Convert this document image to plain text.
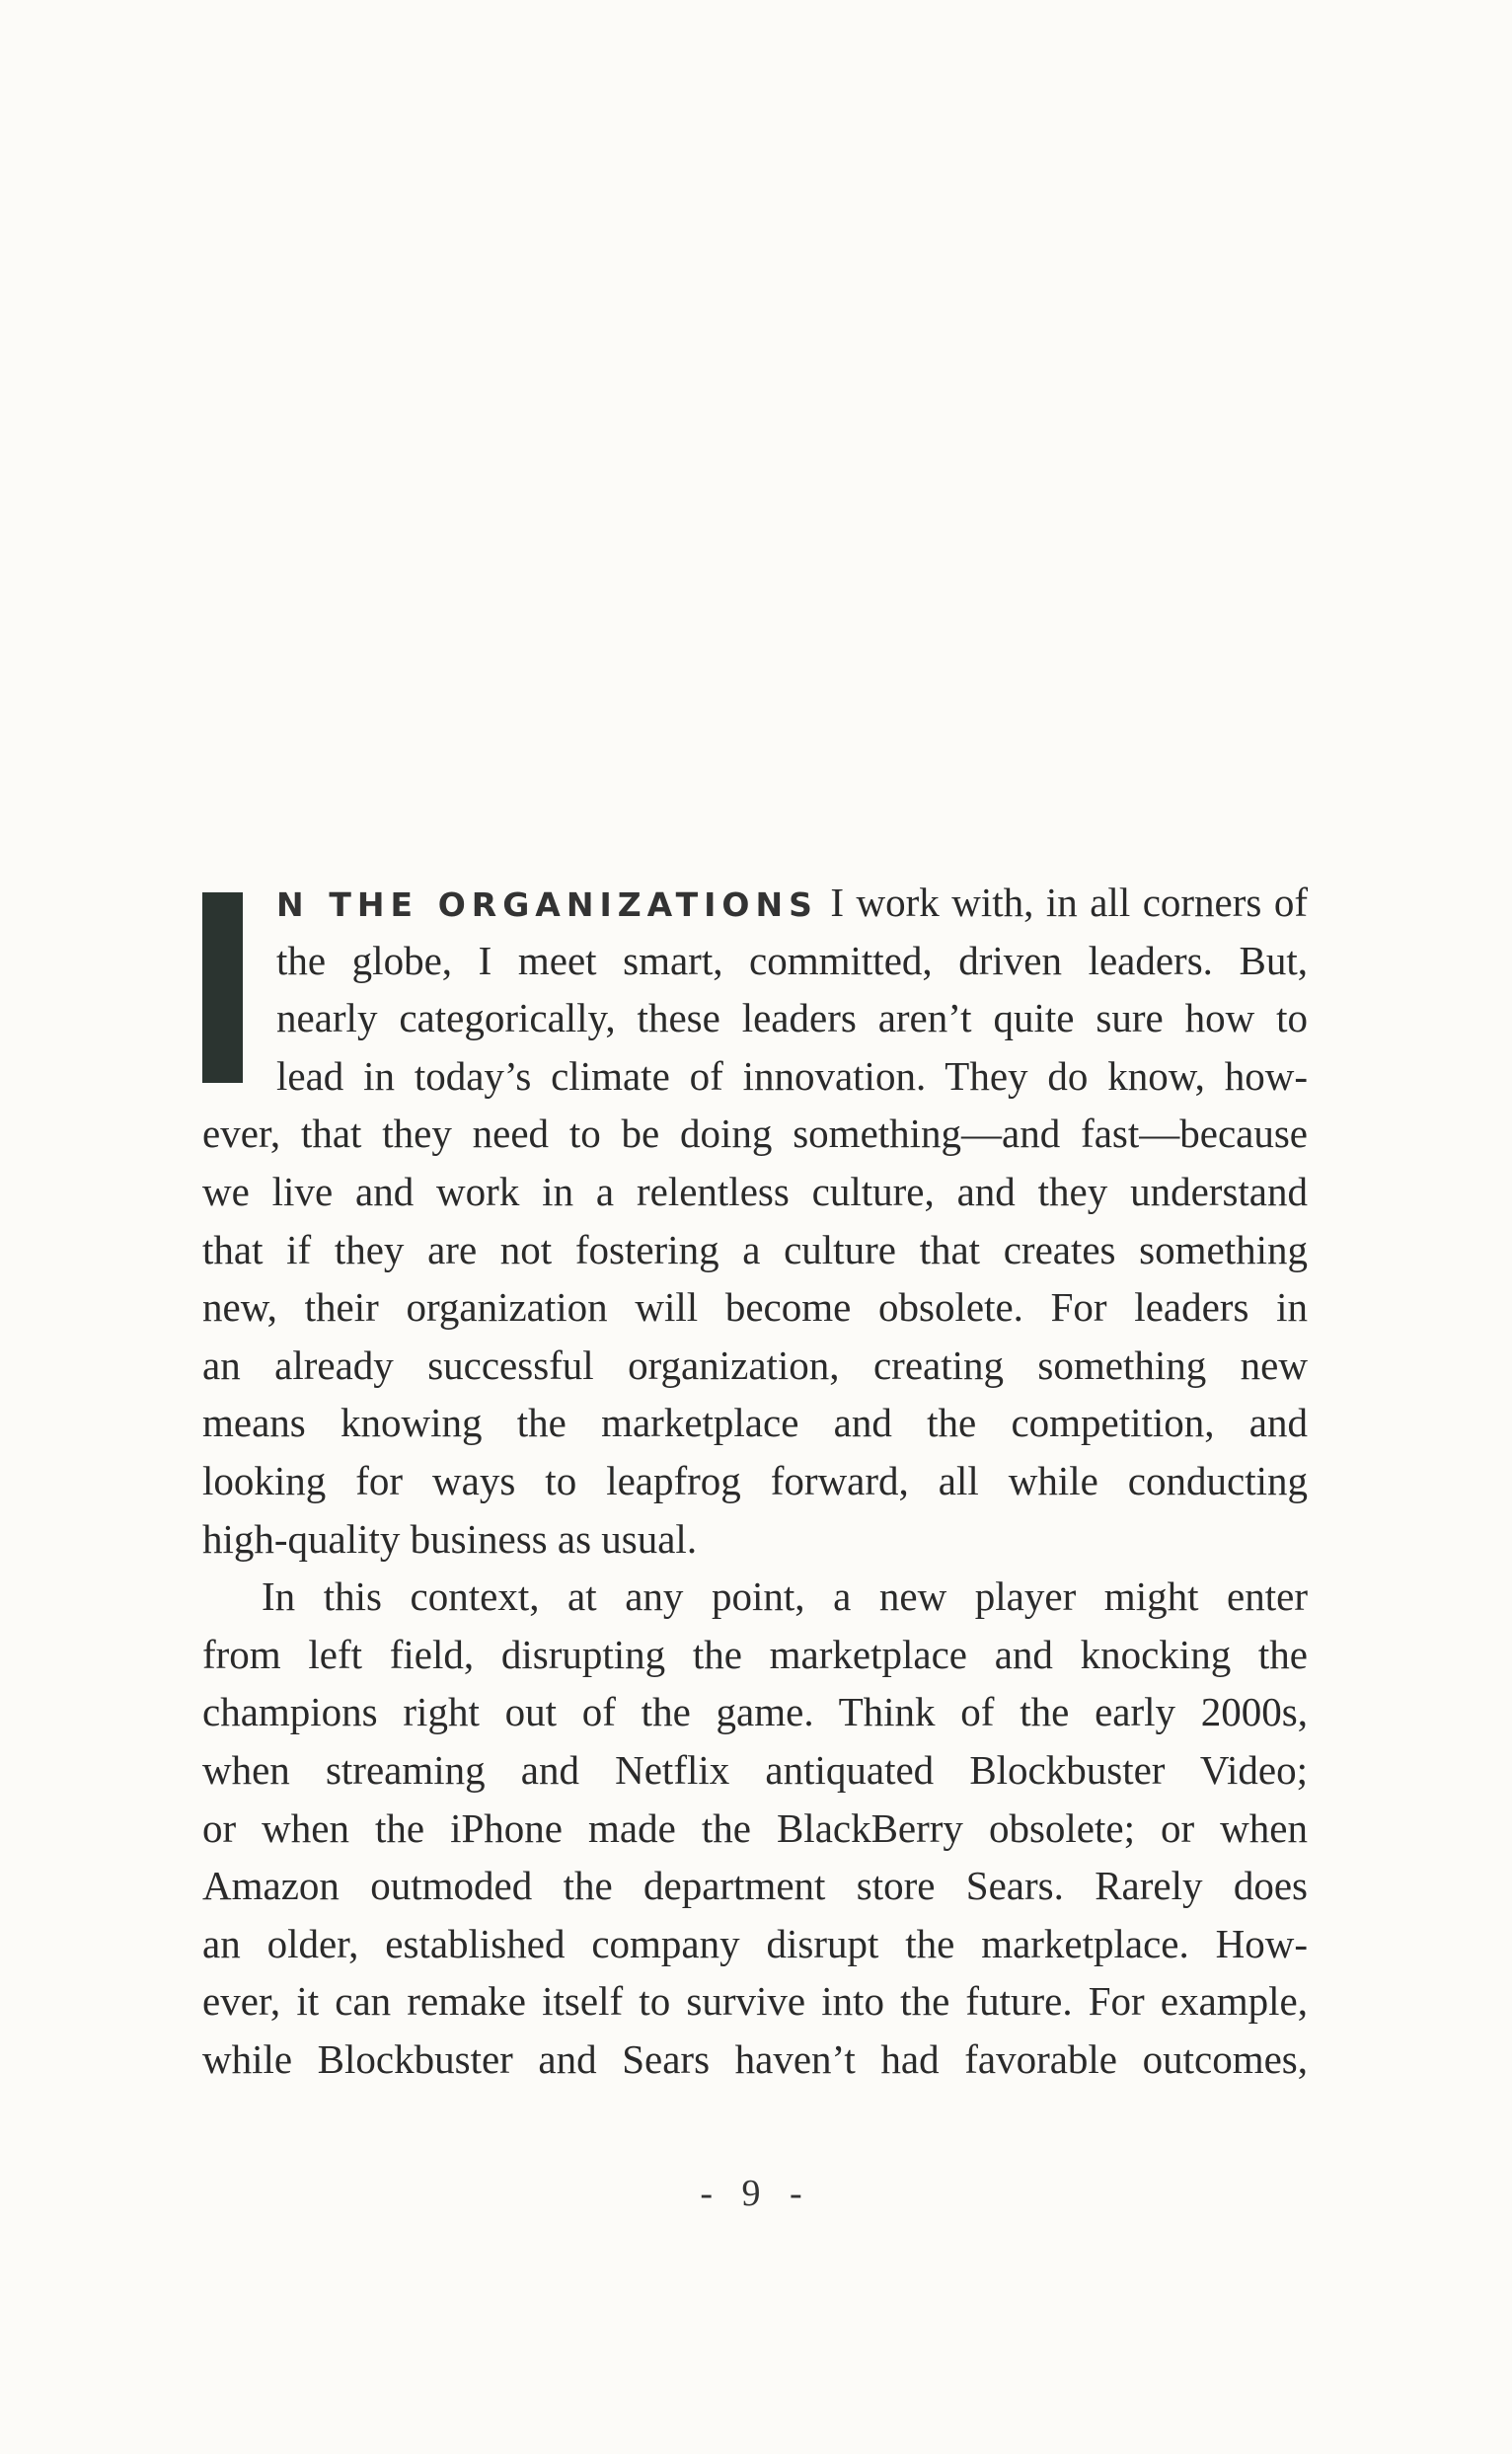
N THE ORGANIZATIONS I work with, in all corners of
the globe, I meet smart, committed, driven leaders. But,
nearly categorically, these leaders aren’t quite sure how to
lead in today’s climate of innovation. They do know, how-
ever, that they need to be doing something—and fast—because
we live and work in a relentless culture, and they understand
that if they are not fostering a culture that creates something
new, their organization will become obsolete. For leaders in
an already successful organization, creating something new
means knowing the marketplace and the competition, and
looking for ways to leapfrog forward, all while conducting
high-quality business as usual.
In this context, at any point, a new player might enter
from left field, disrupting the marketplace and knocking the
champions right out of the game. Think of the early 2000s,
when streaming and Netflix antiquated Blockbuster Video;
or when the iPhone made the BlackBerry obsolete; or when
Amazon outmoded the department store Sears. Rarely does
an older, established company disrupt the marketplace. How-
ever, it can remake itself to survive into the future. For example,
while Blockbuster and Sears haven’t had favorable outcomes,
- 9 -
